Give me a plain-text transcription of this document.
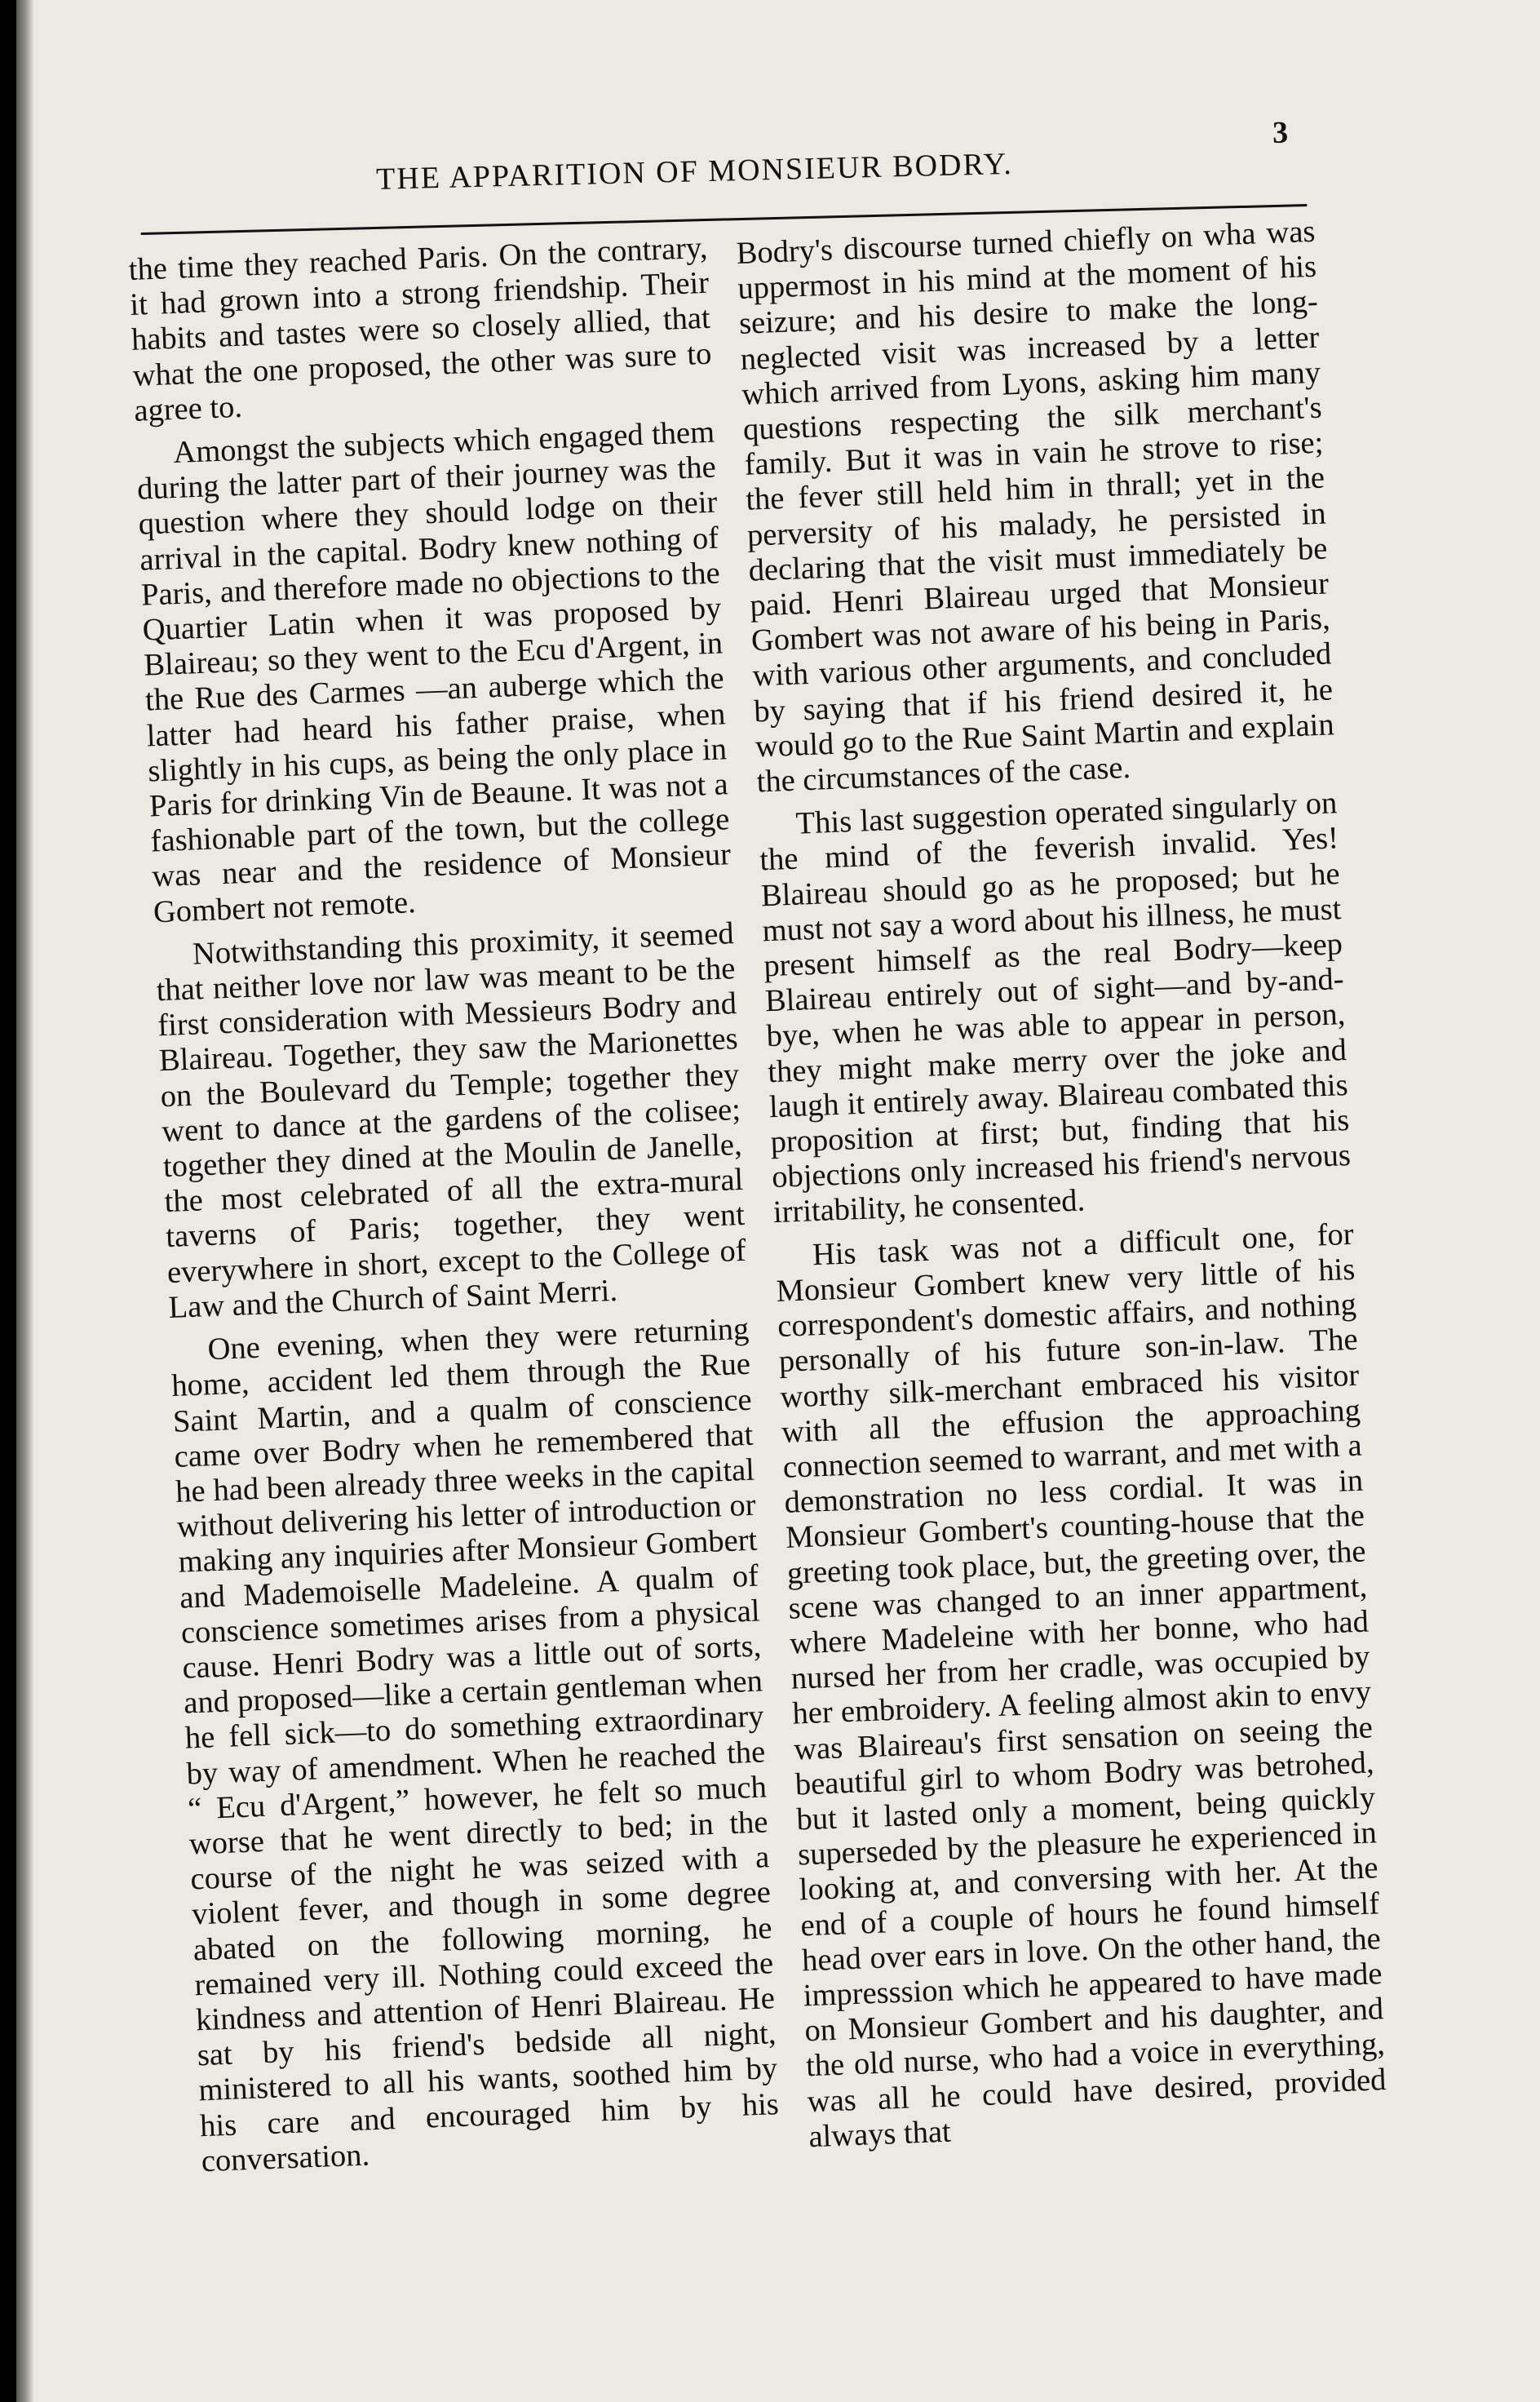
THE APPARITION OF MONSIEUR BODRY.
3

the time they reached Paris. On the contrary, it had grown into a strong friendship. Their habits and tastes were so closely allied, that what the one proposed, the other was sure to agree to.

Amongst the subjects which engaged them during the latter part of their journey was the question where they should lodge on their arrival in the capital. Bodry knew nothing of Paris, and therefore made no objections to the Quartier Latin when it was proposed by Blaireau; so they went to the Ecu d'Argent, in the Rue des Carmes —an auberge which the latter had heard his father praise, when slightly in his cups, as being the only place in Paris for drinking Vin de Beaune. It was not a fashionable part of the town, but the college was near and the residence of Monsieur Gombert not remote.

Notwithstanding this proximity, it seemed that neither love nor law was meant to be the first consideration with Messieurs Bodry and Blaireau. Together, they saw the Marionettes on the Boulevard du Temple; together they went to dance at the gardens of the colisee; together they dined at the Moulin de Janelle, the most celebrated of all the extra-mural taverns of Paris; together, they went everywhere in short, except to the College of Law and the Church of Saint Merri.

One evening, when they were returning home, accident led them through the Rue Saint Martin, and a qualm of conscience came over Bodry when he remembered that he had been already three weeks in the capital without delivering his letter of introduction or making any inquiries after Monsieur Gombert and Mademoiselle Madeleine. A qualm of conscience sometimes arises from a physical cause. Henri Bodry was a little out of sorts, and proposed—like a certain gentleman when he fell sick—to do something extraordinary by way of amendment. When he reached the “ Ecu d'Argent,” however, he felt so much worse that he went directly to bed; in the course of the night he was seized with a violent fever, and though in some degree abated on the following morning, he remained very ill. Nothing could exceed the kindness and attention of Henri Blaireau. He sat by his friend's bedside all night, ministered to all his wants, soothed him by his care and encouraged him by his conversation.

Bodry's discourse turned chiefly on wha was uppermost in his mind at the moment of his seizure; and his desire to make the long-neglected visit was increased by a letter which arrived from Lyons, asking him many questions respecting the silk merchant's family. But it was in vain he strove to rise; the fever still held him in thrall; yet in the perversity of his malady, he persisted in declaring that the visit must immediately be paid. Henri Blaireau urged that Monsieur Gombert was not aware of his being in Paris, with various other arguments, and concluded by saying that if his friend desired it, he would go to the Rue Saint Martin and explain the circumstances of the case.

This last suggestion operated singularly on the mind of the feverish invalid. Yes! Blaireau should go as he proposed; but he must not say a word about his illness, he must present himself as the real Bodry—keep Blaireau entirely out of sight—and by-and-bye, when he was able to appear in person, they might make merry over the joke and laugh it entirely away. Blaireau combated this proposition at first; but, finding that his objections only increased his friend's nervous irritability, he consented.

His task was not a difficult one, for Monsieur Gombert knew very little of his correspondent's domestic affairs, and nothing personally of his future son-in-law. The worthy silk-merchant embraced his visitor with all the effusion the approaching connection seemed to warrant, and met with a demonstration no less cordial. It was in Monsieur Gombert's counting-house that the greeting took place, but, the greeting over, the scene was changed to an inner appartment, where Madeleine with her bonne, who had nursed her from her cradle, was occupied by her embroidery. A feeling almost akin to envy was Blaireau's first sensation on seeing the beautiful girl to whom Bodry was betrohed, but it lasted only a moment, being quickly superseded by the pleasure he experienced in looking at, and conversing with her. At the end of a couple of hours he found himself head over ears in love. On the other hand, the impresssion which he appeared to have made on Monsieur Gombert and his daughter, and the old nurse, who had a voice in everything, was all he could have desired, provided always that
